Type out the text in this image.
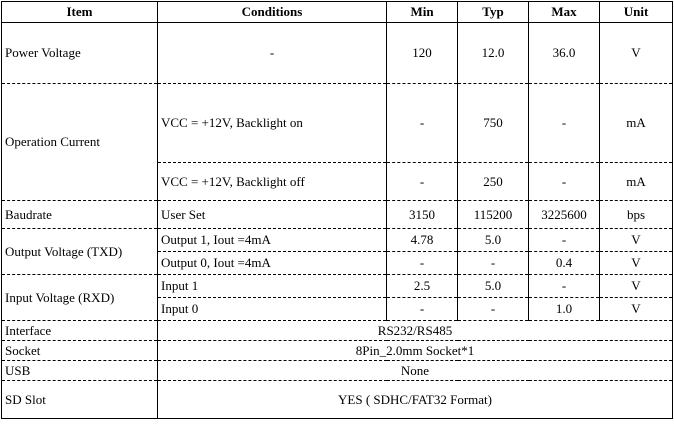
Item	Conditions	Min	Typ	Max	Unit
Power Voltage	-	120	12.0	36.0	V
Operation Current	VCC = +12V, Backlight on	-	750	-	mA
	VCC = +12V, Backlight off	-	250	-	mA
Baudrate	User Set	3150	115200	3225600	bps
Output Voltage (TXD)	Output 1, Iout =4mA	4.78	5.0	-	V
	Output 0, Iout =4mA	-	-	0.4	V
Input Voltage (RXD)	Input 1	2.5	5.0	-	V
	Input 0	-	-	1.0	V
Interface	RS232/RS485				
Socket	8Pin_2.0mm Socket*1				
USB	None				
SD Slot	YES ( SDHC/FAT32 Format)				
